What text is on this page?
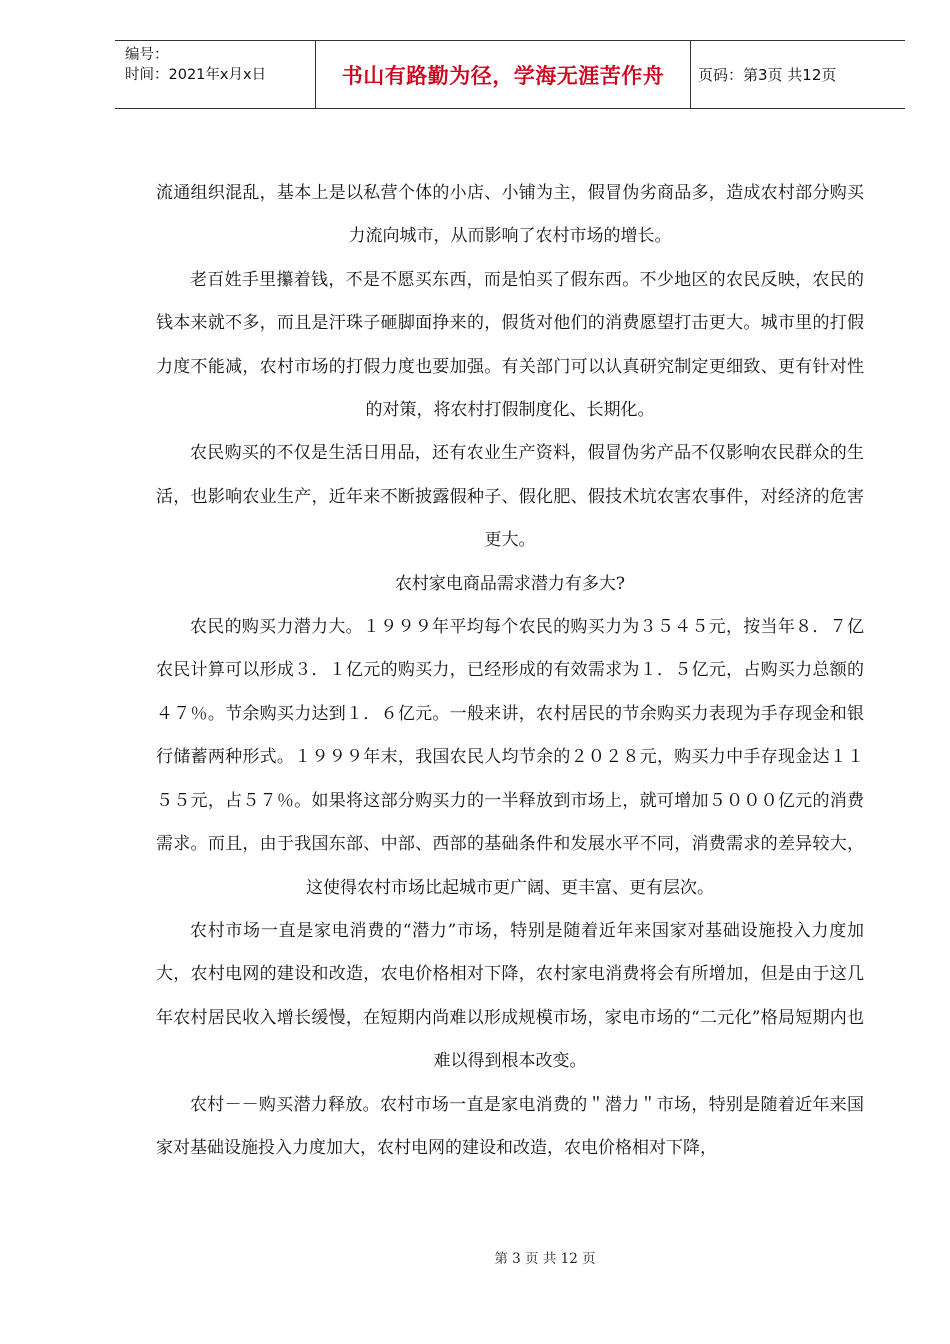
编号：
时间：2021年x月x日	书山有路勤为径，学海无涯苦作舟	页码：第3页 共12页

流通组织混乱，基本上是以私营个体的小店、小铺为主，假冒伪劣商品多，造成农村部分购买力流向城市，从而影响了农村市场的增长。

老百姓手里攥着钱，不是不愿买东西，而是怕买了假东西。不少地区的农民反映，农民的钱本来就不多，而且是汗珠子砸脚面挣来的，假货对他们的消费愿望打击更大。城市里的打假力度不能减，农村市场的打假力度也要加强。有关部门可以认真研究制定更细致、更有针对性的对策，将农村打假制度化、长期化。

农民购买的不仅是生活日用品，还有农业生产资料，假冒伪劣产品不仅影响农民群众的生活，也影响农业生产，近年来不断披露假种子、假化肥、假技术坑农害农事件，对经济的危害更大。

农村家电商品需求潜力有多大?

农民的购买力潜力大。１９９９年平均每个农民的购买力为３５４５元，按当年８．７亿农民计算可以形成３．１亿元的购买力，已经形成的有效需求为１．５亿元，占购买力总额的４７％。节余购买力达到１．６亿元。一般来讲，农村居民的节余购买力表现为手存现金和银行储蓄两种形式。１９９９年末，我国农民人均节余的２０２８元，购买力中手存现金达１１５５元，占５７％。如果将这部分购买力的一半释放到市场上，就可增加５０００亿元的消费需求。而且，由于我国东部、中部、西部的基础条件和发展水平不同，消费需求的差异较大，这使得农村市场比起城市更广阔、更丰富、更有层次。

农村市场一直是家电消费的“潜力”市场，特别是随着近年来国家对基础设施投入力度加大，农村电网的建设和改造，农电价格相对下降，农村家电消费将会有所增加，但是由于这几年农村居民收入增长缓慢，在短期内尚难以形成规模市场，家电市场的“二元化”格局短期内也难以得到根本改变。

农村－－购买潜力释放。农村市场一直是家电消费的＂潜力＂市场，特别是随着近年来国家对基础设施投入力度加大，农村电网的建设和改造，农电价格相对下降，

第 3 页 共 12 页
